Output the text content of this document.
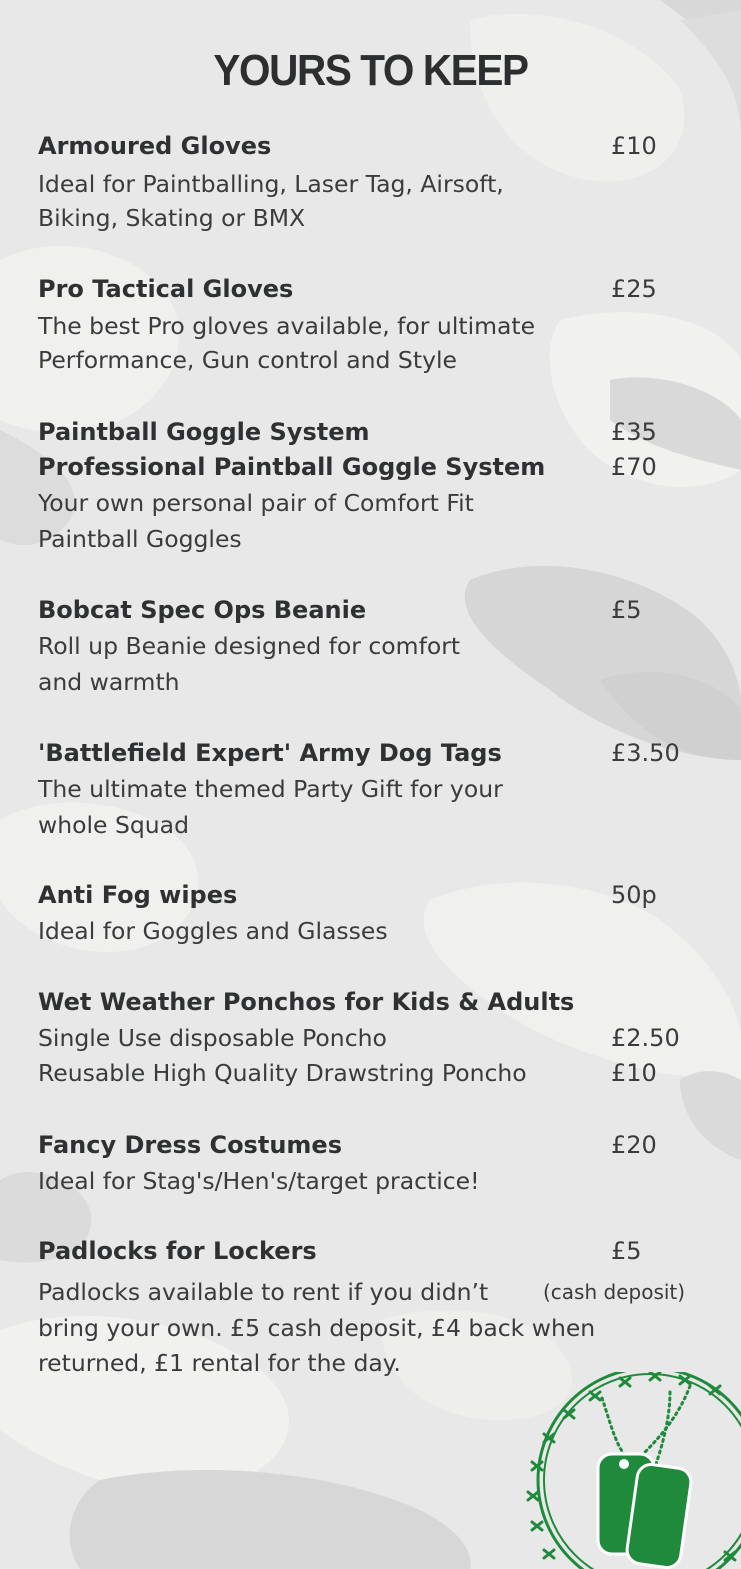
YOURS TO KEEP
Armoured Gloves	£10
Ideal for Paintballing, Laser Tag, Airsoft,
Biking, Skating or BMX
Pro Tactical Gloves	£25
The best Pro gloves available, for ultimate
Performance, Gun control and Style
Paintball Goggle System	£35
Professional Paintball Goggle System	£70
Your own personal pair of Comfort Fit
Paintball Goggles
Bobcat Spec Ops Beanie	£5
Roll up Beanie designed for comfort
and warmth
'Battlefield Expert' Army Dog Tags	£3.50
The ultimate themed Party Gift for your
whole Squad
Anti Fog wipes	50p
Ideal for Goggles and Glasses
Wet Weather Ponchos for Kids & Adults
Single Use disposable Poncho	£2.50
Reusable High Quality Drawstring Poncho	£10
Fancy Dress Costumes	£20
Ideal for Stag's/Hen's/target practice!
Padlocks for Lockers	£5
Padlocks available to rent if you didn’t	(cash deposit)
bring your own. £5 cash deposit, £4 back when
returned, £1 rental for the day.
